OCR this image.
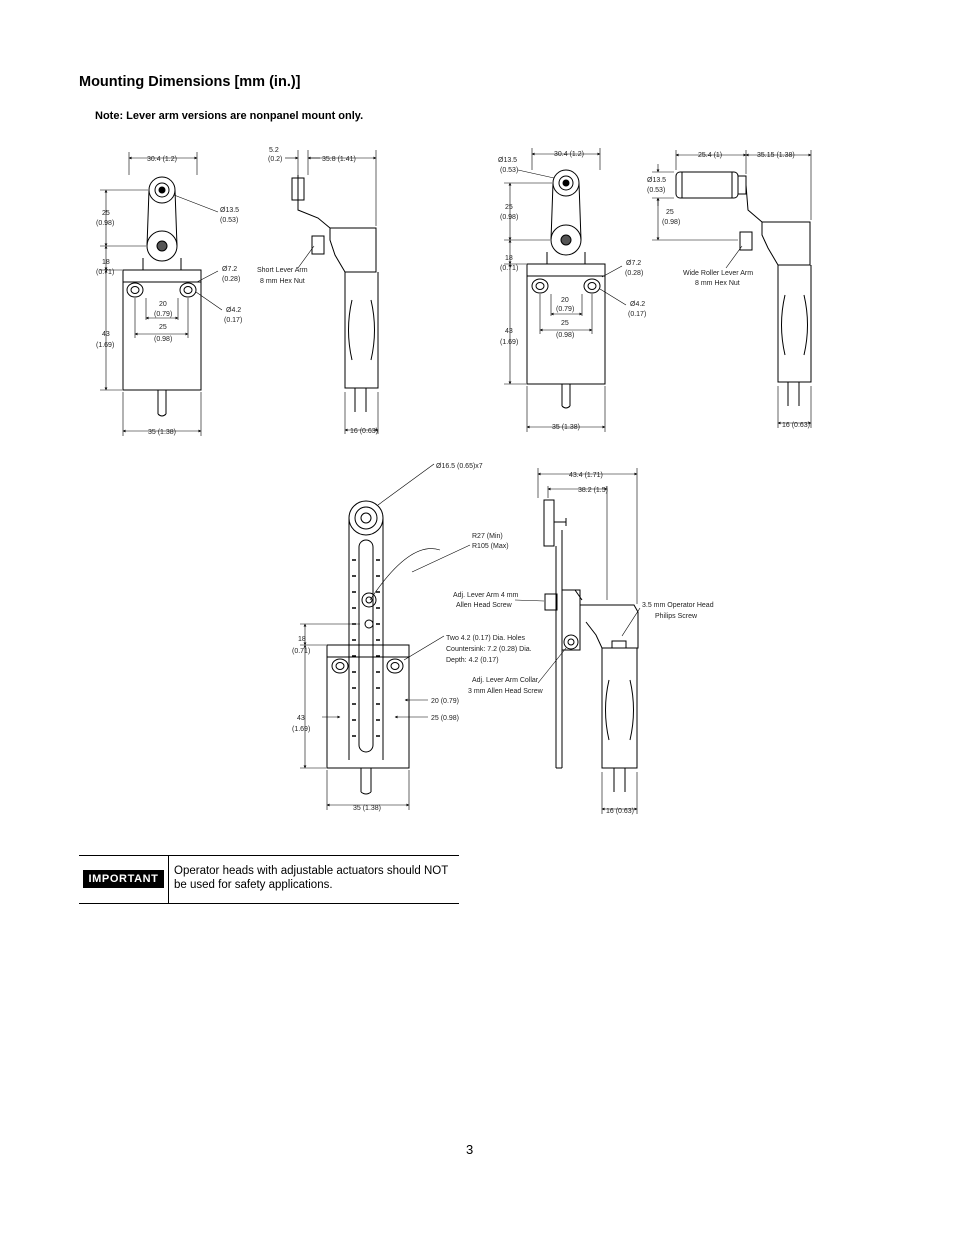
Mounting Dimensions [mm (in.)]
Note: Lever arm versions are nonpanel mount only.
30.4 (1.2)
25
(0.98)
18
(0.71)
43
(1.69)
Ø13.5
(0.53)
Ø7.2
(0.28)
Ø4.2
(0.17)
20
(0.79)
25
(0.98)
35 (1.38)
5.2
(0.2)	35.8 (1.41)
Short Lever Arm
8 mm Hex Nut
16 (0.63)
30.4 (1.2)
Ø13.5
(0.53)
25
(0.98)
18
(0.71)
43
(1.69)
Ø7.2
(0.28)
Ø4.2
(0.17)
20
(0.79)
25
(0.98)
35 (1.38)
25.4 (1)	35.15 (1.38)
Ø13.5
(0.53)
25
(0.98)
Wide Roller Lever Arm
8 mm Hex Nut
16 (0.63)
Ø16.5 (0.65)x7
R27 (Min)
R105 (Max)
18
(0.71)
43
(1.69)
Two 4.2 (0.17) Dia. Holes
Countersink: 7.2 (0.28) Dia.
Depth: 4.2 (0.17)
20 (0.79)
25 (0.98)
35 (1.38)
43.4 (1.71)
38.2 (1.5)
Adj. Lever Arm 4 mm
Allen Head Screw	3.5 mm Operator Head
Philips Screw
Adj. Lever Arm Collar
3 mm Allen Head Screw
16 (0.63)
IMPORTANT
Operator heads with adjustable actuators should NOT be used for safety applications.
3
